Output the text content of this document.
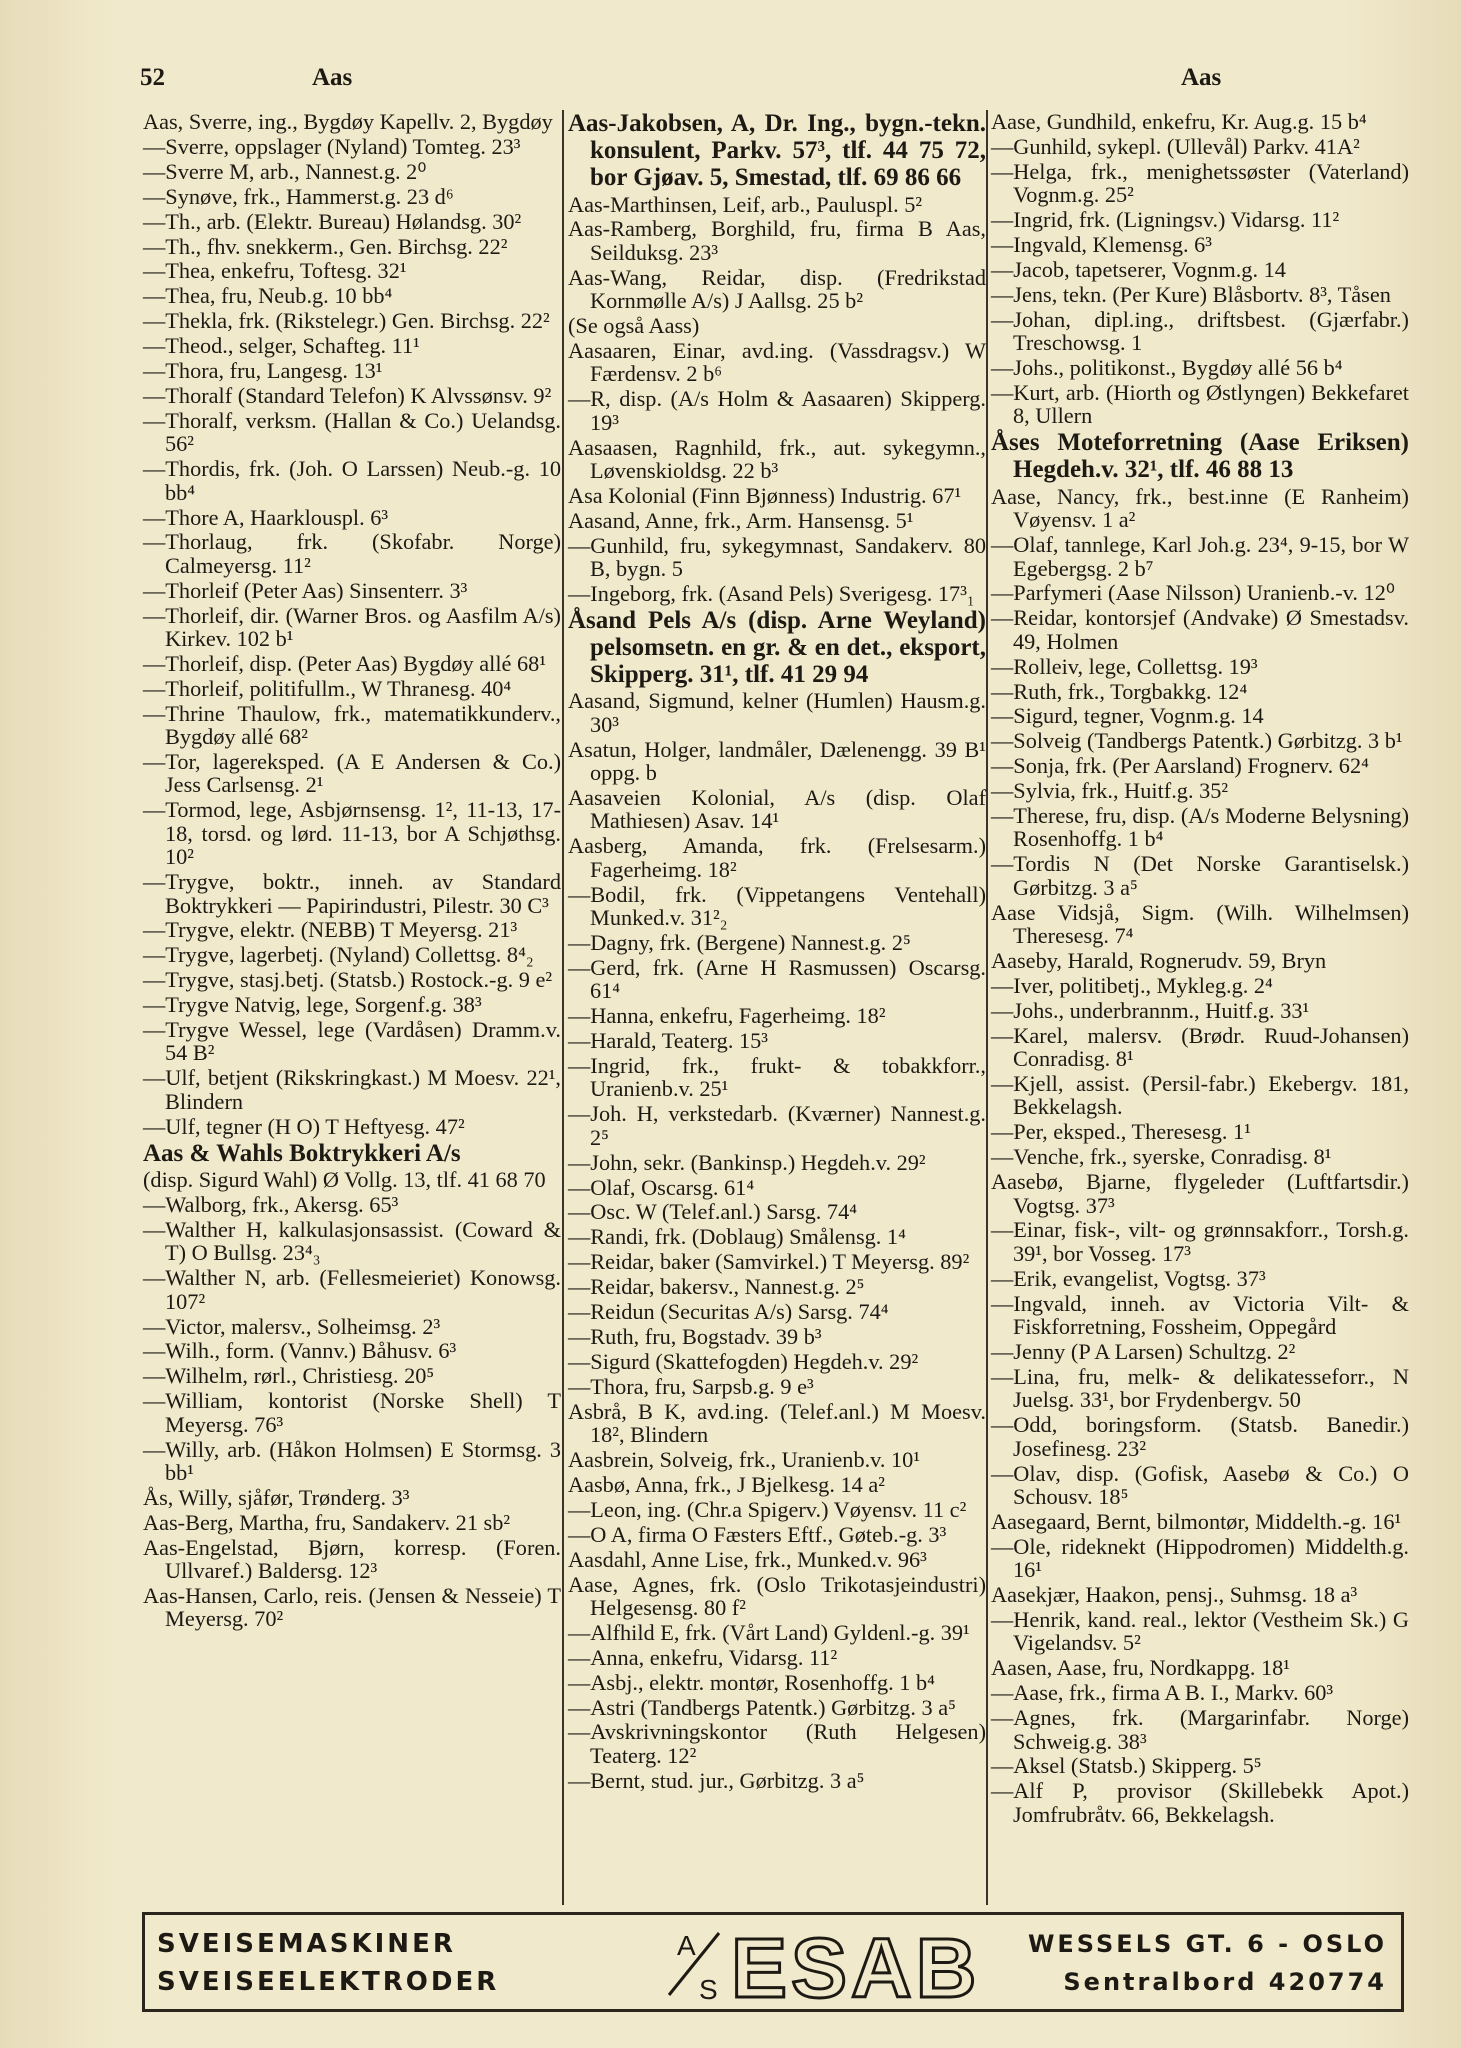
52	Aas	Aas

Aas, Sverre, ing., Bygdøy Kapellv. 2, Bygdøy

—Sverre, oppslager (Nyland) Tomteg. 23³

—Sverre M, arb., Nannest.g. 2⁰

—Synøve, frk., Hammerst.g. 23 d⁶

—Th., arb. (Elektr. Bureau) Hølandsg. 30²

—Th., fhv. snekkerm., Gen. Birchsg. 22²

—Thea, enkefru, Toftesg. 32¹

—Thea, fru, Neub.g. 10 bb⁴

—Thekla, frk. (Rikstelegr.) Gen. Birchsg. 22²

—Theod., selger, Schafteg. 11¹

—Thora, fru, Langesg. 13¹

—Thoralf (Standard Telefon) K Alvssønsv. 9²

—Thoralf, verksm. (Hallan & Co.) Uelandsg. 56²

—Thordis, frk. (Joh. O Larssen) Neub.-g. 10 bb⁴

—Thore A, Haarklouspl. 6³

—Thorlaug, frk. (Skofabr. Norge) Calmeyersg. 11²

—Thorleif (Peter Aas) Sinsenterr. 3³

—Thorleif, dir. (Warner Bros. og Aasfilm A/s) Kirkev. 102 b¹

—Thorleif, disp. (Peter Aas) Bygdøy allé 68¹

—Thorleif, politifullm., W Thranesg. 40⁴

—Thrine Thaulow, frk., matematikkunderv., Bygdøy allé 68²

—Tor, lagereksped. (A E Andersen & Co.) Jess Carlsensg. 2¹

—Tormod, lege, Asbjørnsensg. 1², 11-13, 17-18, torsd. og lørd. 11-13, bor A Schjøthsg. 10²

—Trygve, boktr., inneh. av Standard Boktrykkeri — Papirindustri, Pilestr. 30 C³

—Trygve, elektr. (NEBB) T Meyersg. 21³

—Trygve, lagerbetj. (Nyland) Collettsg. 8⁴₂

—Trygve, stasj.betj. (Statsb.) Rostock.-g. 9 e²

—Trygve Natvig, lege, Sorgenf.g. 38³

—Trygve Wessel, lege (Vardåsen) Dramm.v. 54 B²

—Ulf, betjent (Rikskringkast.) M Moesv. 22¹, Blindern

—Ulf, tegner (H O) T Heftyesg. 47²

Aas & Wahls Boktrykkeri A/s

(disp. Sigurd Wahl) Ø Vollg. 13, tlf. 41 68 70

—Walborg, frk., Akersg. 65³

—Walther H, kalkulasjonsassist. (Coward & T) O Bullsg. 23⁴₃

—Walther N, arb. (Fellesmeieriet) Konowsg. 107²

—Victor, malersv., Solheimsg. 2³

—Wilh., form. (Vannv.) Båhusv. 6³

—Wilhelm, rørl., Christiesg. 20⁵

—William, kontorist (Norske Shell) T Meyersg. 76³

—Willy, arb. (Håkon Holmsen) E Stormsg. 3 bb¹

Ås, Willy, sjåfør, Trønderg. 3³

Aas-Berg, Martha, fru, Sandakerv. 21 sb²

Aas-Engelstad, Bjørn, korresp. (Foren. Ullvaref.) Baldersg. 12³

Aas-Hansen, Carlo, reis. (Jensen & Nesseie) T Meyersg. 70²

Aas-Jakobsen, A, Dr. Ing., bygn.-tekn. konsulent, Parkv. 57³, tlf. 44 75 72, bor Gjøav. 5, Smestad, tlf. 69 86 66

Aas-Marthinsen, Leif, arb., Pauluspl. 5²

Aas-Ramberg, Borghild, fru, firma B Aas, Seilduksg. 23³

Aas-Wang, Reidar, disp. (Fredrikstad Kornmølle A/s) J Aallsg. 25 b²

(Se også Aass)

Aasaaren, Einar, avd.ing. (Vassdragsv.) W Færdensv. 2 b⁶

—R, disp. (A/s Holm & Aasaaren) Skipperg. 19³

Aasaasen, Ragnhild, frk., aut. sykegymn., Løvenskioldsg. 22 b³

Asa Kolonial (Finn Bjønness) Industrig. 67¹

Aasand, Anne, frk., Arm. Hansensg. 5¹

—Gunhild, fru, sykegymnast, Sandakerv. 80 B, bygn. 5

—Ingeborg, frk. (Asand Pels) Sverigesg. 17³₁

Åsand Pels A/s (disp. Arne Weyland) pelsomsetn. en gr. & en det., eksport, Skipperg. 31¹, tlf. 41 29 94

Aasand, Sigmund, kelner (Humlen) Hausm.g. 30³

Asatun, Holger, landmåler, Dælenengg. 39 B¹ oppg. b

Aasaveien Kolonial, A/s (disp. Olaf Mathiesen) Asav. 14¹

Aasberg, Amanda, frk. (Frelsesarm.) Fagerheimg. 18²

—Bodil, frk. (Vippetangens Ventehall) Munked.v. 31²₂

—Dagny, frk. (Bergene) Nannest.g. 2⁵

—Gerd, frk. (Arne H Rasmussen) Oscarsg. 61⁴

—Hanna, enkefru, Fagerheimg. 18²

—Harald, Teaterg. 15³

—Ingrid, frk., frukt- & tobakkforr., Uranienb.v. 25¹

—Joh. H, verkstedarb. (Kværner) Nannest.g. 2⁵

—John, sekr. (Bankinsp.) Hegdeh.v. 29²

—Olaf, Oscarsg. 61⁴

—Osc. W (Telef.anl.) Sarsg. 74⁴

—Randi, frk. (Doblaug) Smålensg. 1⁴

—Reidar, baker (Samvirkel.) T Meyersg. 89²

—Reidar, bakersv., Nannest.g. 2⁵

—Reidun (Securitas A/s) Sarsg. 74⁴

—Ruth, fru, Bogstadv. 39 b³

—Sigurd (Skattefogden) Hegdeh.v. 29²

—Thora, fru, Sarpsb.g. 9 e³

Asbrå, B K, avd.ing. (Telef.anl.) M Moesv. 18², Blindern

Aasbrein, Solveig, frk., Uranienb.v. 10¹

Aasbø, Anna, frk., J Bjelkesg. 14 a²

—Leon, ing. (Chr.a Spigerv.) Vøyensv. 11 c²

—O A, firma O Fæsters Eftf., Gøteb.-g. 3³

Aasdahl, Anne Lise, frk., Munked.v. 96³

Aase, Agnes, frk. (Oslo Trikotasjeindustri) Helgesensg. 80 f²

—Alfhild E, frk. (Vårt Land) Gyldenl.-g. 39¹

—Anna, enkefru, Vidarsg. 11²

—Asbj., elektr. montør, Rosenhoffg. 1 b⁴

—Astri (Tandbergs Patentk.) Gørbitzg. 3 a⁵

—Avskrivningskontor (Ruth Helgesen) Teaterg. 12²

—Bernt, stud. jur., Gørbitzg. 3 a⁵

Aase, Gundhild, enkefru, Kr. Aug.g. 15 b⁴

—Gunhild, sykepl. (Ullevål) Parkv. 41A²

—Helga, frk., menighetssøster (Vaterland) Vognm.g. 25²

—Ingrid, frk. (Ligningsv.) Vidarsg. 11²

—Ingvald, Klemensg. 6³

—Jacob, tapetserer, Vognm.g. 14

—Jens, tekn. (Per Kure) Blåsbortv. 8³, Tåsen

—Johan, dipl.ing., driftsbest. (Gjærfabr.) Treschowsg. 1

—Johs., politikonst., Bygdøy allé 56 b⁴

—Kurt, arb. (Hiorth og Østlyngen) Bekkefaret 8, Ullern

Åses Moteforretning (Aase Eriksen) Hegdeh.v. 32¹, tlf. 46 88 13

Aase, Nancy, frk., best.inne (E Ranheim) Vøyensv. 1 a²

—Olaf, tannlege, Karl Joh.g. 23⁴, 9-15, bor W Egebergsg. 2 b⁷

—Parfymeri (Aase Nilsson) Uranienb.-v. 12⁰

—Reidar, kontorsjef (Andvake) Ø Smestadsv. 49, Holmen

—Rolleiv, lege, Collettsg. 19³

—Ruth, frk., Torgbakkg. 12⁴

—Sigurd, tegner, Vognm.g. 14

—Solveig (Tandbergs Patentk.) Gørbitzg. 3 b¹

—Sonja, frk. (Per Aarsland) Frognerv. 62⁴

—Sylvia, frk., Huitf.g. 35²

—Therese, fru, disp. (A/s Moderne Belysning) Rosenhoffg. 1 b⁴

—Tordis N (Det Norske Garantiselsk.) Gørbitzg. 3 a⁵

Aase Vidsjå, Sigm. (Wilh. Wilhelmsen) Theresesg. 7⁴

Aaseby, Harald, Rognerudv. 59, Bryn

—Iver, politibetj., Mykleg.g. 2⁴

—Johs., underbrannm., Huitf.g. 33¹

—Karel, malersv. (Brødr. Ruud-Johansen) Conradisg. 8¹

—Kjell, assist. (Persil-fabr.) Ekebergv. 181, Bekkelagsh.

—Per, eksped., Theresesg. 1¹

—Venche, frk., syerske, Conradisg. 8¹

Aasebø, Bjarne, flygeleder (Luftfartsdir.) Vogtsg. 37³

—Einar, fisk-, vilt- og grønnsakforr., Torsh.g. 39¹, bor Vosseg. 17³

—Erik, evangelist, Vogtsg. 37³

—Ingvald, inneh. av Victoria Vilt- & Fiskforretning, Fossheim, Oppegård

—Jenny (P A Larsen) Schultzg. 2²

—Lina, fru, melk- & delikatesseforr., N Juelsg. 33¹, bor Frydenbergv. 50

—Odd, boringsform. (Statsb. Banedir.) Josefinesg. 23²

—Olav, disp. (Gofisk, Aasebø & Co.) O Schousv. 18⁵

Aasegaard, Bernt, bilmontør, Middelth.-g. 16¹

—Ole, rideknekt (Hippodromen) Middelth.g. 16¹

Aasekjær, Haakon, pensj., Suhmsg. 18 a³

—Henrik, kand. real., lektor (Vestheim Sk.) G Vigelandsv. 5²

Aasen, Aase, fru, Nordkappg. 18¹

—Aase, frk., firma A B. I., Markv. 60³

—Agnes, frk. (Margarinfabr. Norge) Schweig.g. 38³

—Aksel (Statsb.) Skipperg. 5⁵

—Alf P, provisor (Skillebekk Apot.) Jomfrubråtv. 66, Bekkelagsh.

SVEISEMASKINER
SVEISEELEKTRODER
A
S ESAB WESSELS GT. 6 - OSLO
Sentralbord 420774
